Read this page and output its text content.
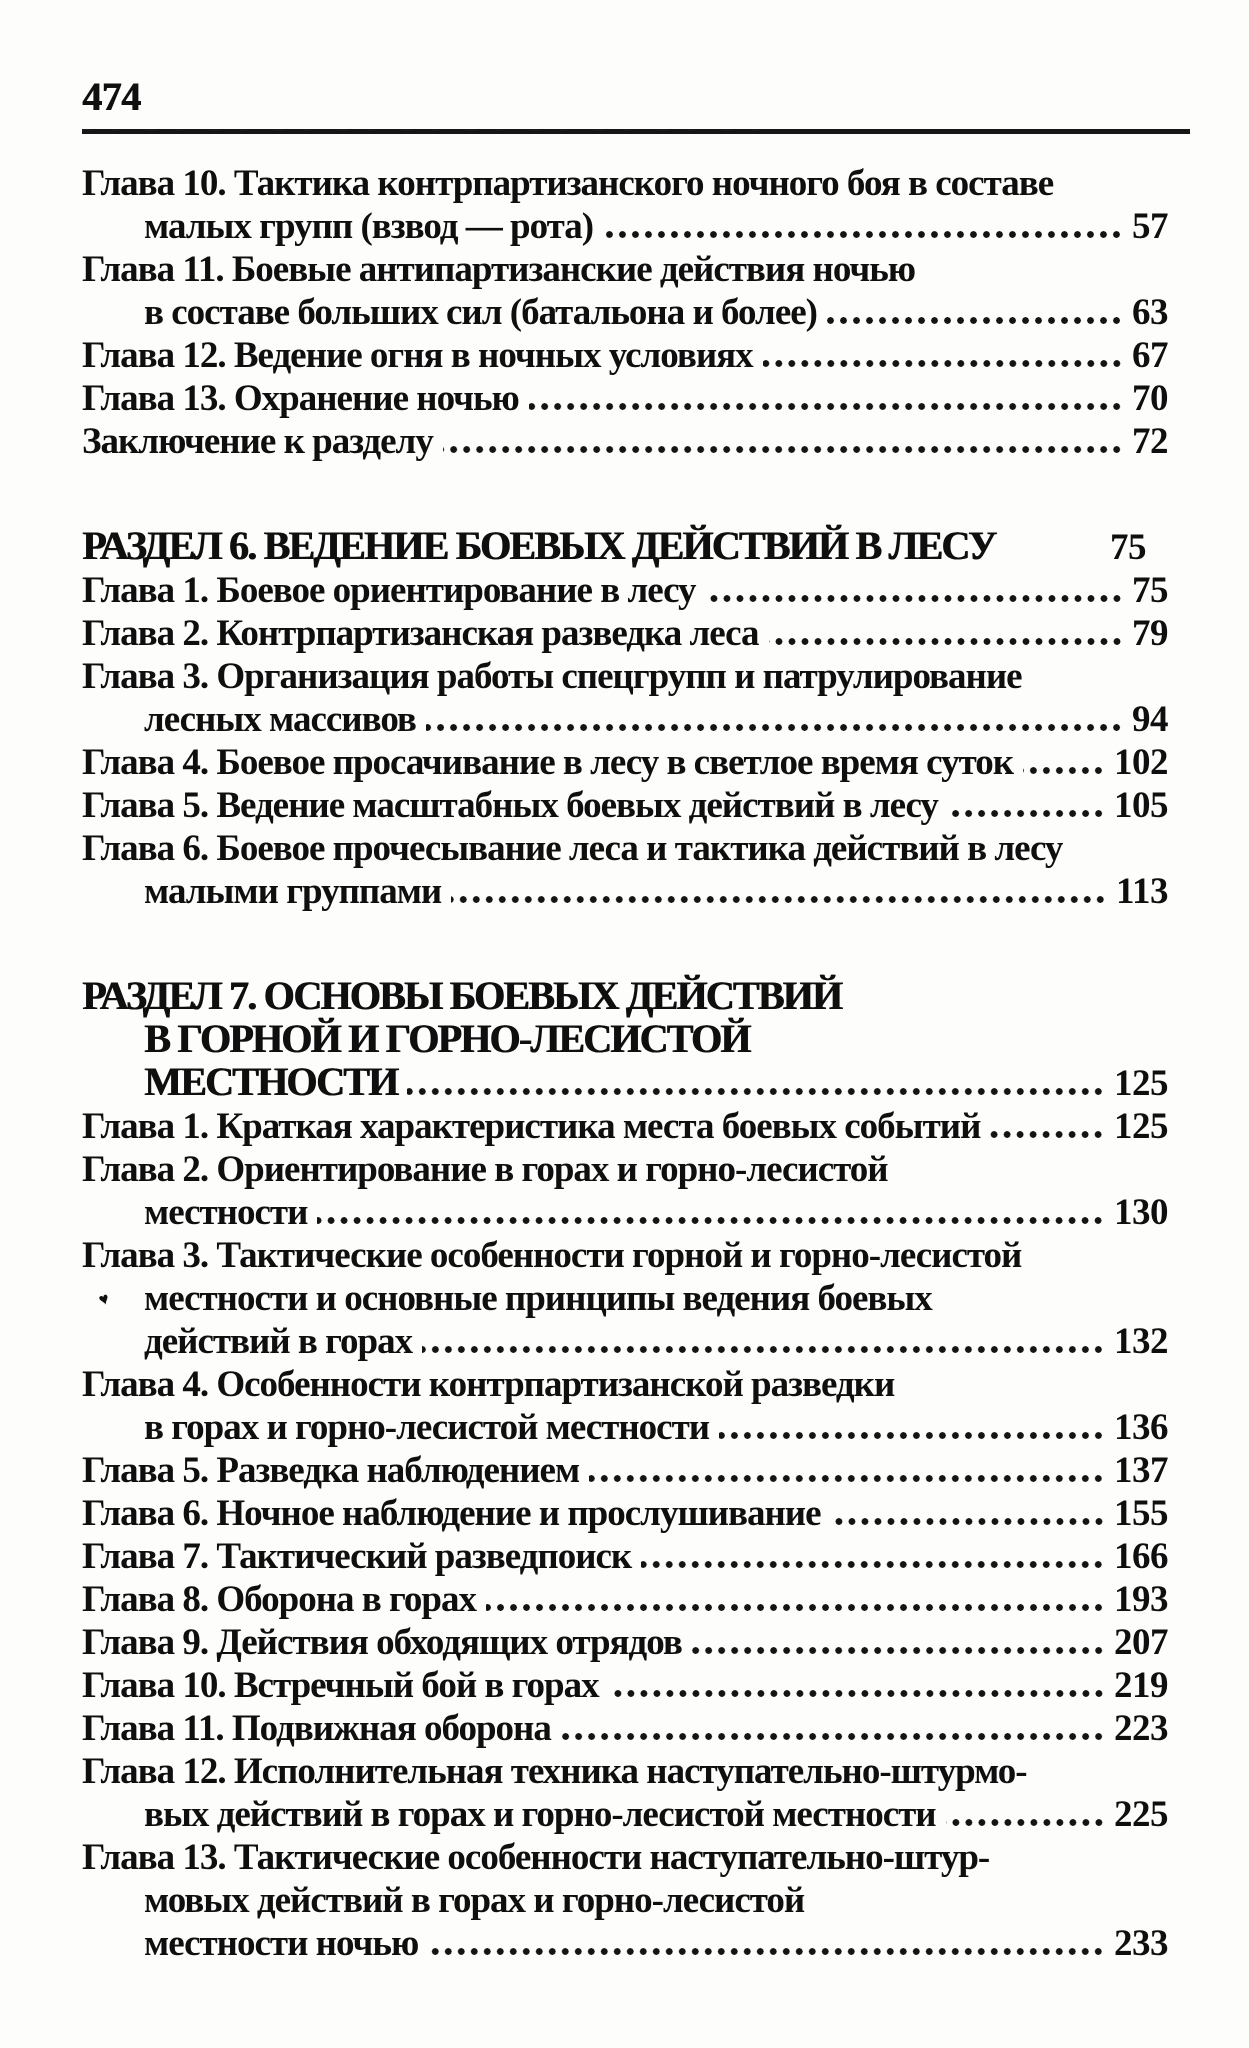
474
Глава 10. Тактика контрпартизанского ночного боя в составе
малых групп (взвод — рота)	57
Глава 11. Боевые антипартизанские действия ночью
в составе больших сил (батальона и более)	63
Глава 12. Ведение огня в ночных условиях	67
Глава 13. Охранение ночью	70
Заключение к разделу	72
РАЗДЕЛ 6. ВЕДЕНИЕ БОЕВЫХ ДЕЙСТВИЙ В ЛЕСУ	75
Глава 1. Боевое ориентирование в лесу	75
Глава 2. Контрпартизанская разведка леса	79
Глава 3. Организация работы спецгрупп и патрулирование
лесных массивов	94
Глава 4. Боевое просачивание в лесу в светлое время суток	102
Глава 5. Ведение масштабных боевых действий в лесу	105
Глава 6. Боевое прочесывание леса и тактика действий в лесу
малыми группами	113
РАЗДЕЛ 7. ОСНОВЫ БОЕВЫХ ДЕЙСТВИЙ
В ГОРНОЙ И ГОРНО-ЛЕСИСТОЙ
МЕСТНОСТИ	125
Глава 1. Краткая характеристика места боевых событий	125
Глава 2. Ориентирование в горах и горно-лесистой
местности	130
Глава 3. Тактические особенности горной и горно-лесистой
♥ местности и основные принципы ведения боевых
действий в горах	132
Глава 4. Особенности контрпартизанской разведки
в горах и горно-лесистой местности	136
Глава 5. Разведка наблюдением	137
Глава 6. Ночное наблюдение и прослушивание	155
Глава 7. Тактический разведпоиск	166
Глава 8. Оборона в горах	193
Глава 9. Действия обходящих отрядов	207
Глава 10. Встречный бой в горах	219
Глава 11. Подвижная оборона	223
Глава 12. Исполнительная техника наступательно-штурмо-
вых действий в горах и горно-лесистой местности	225
Глава 13. Тактические особенности наступательно-штур-
мовых действий в горах и горно-лесистой
местности ночью	233
